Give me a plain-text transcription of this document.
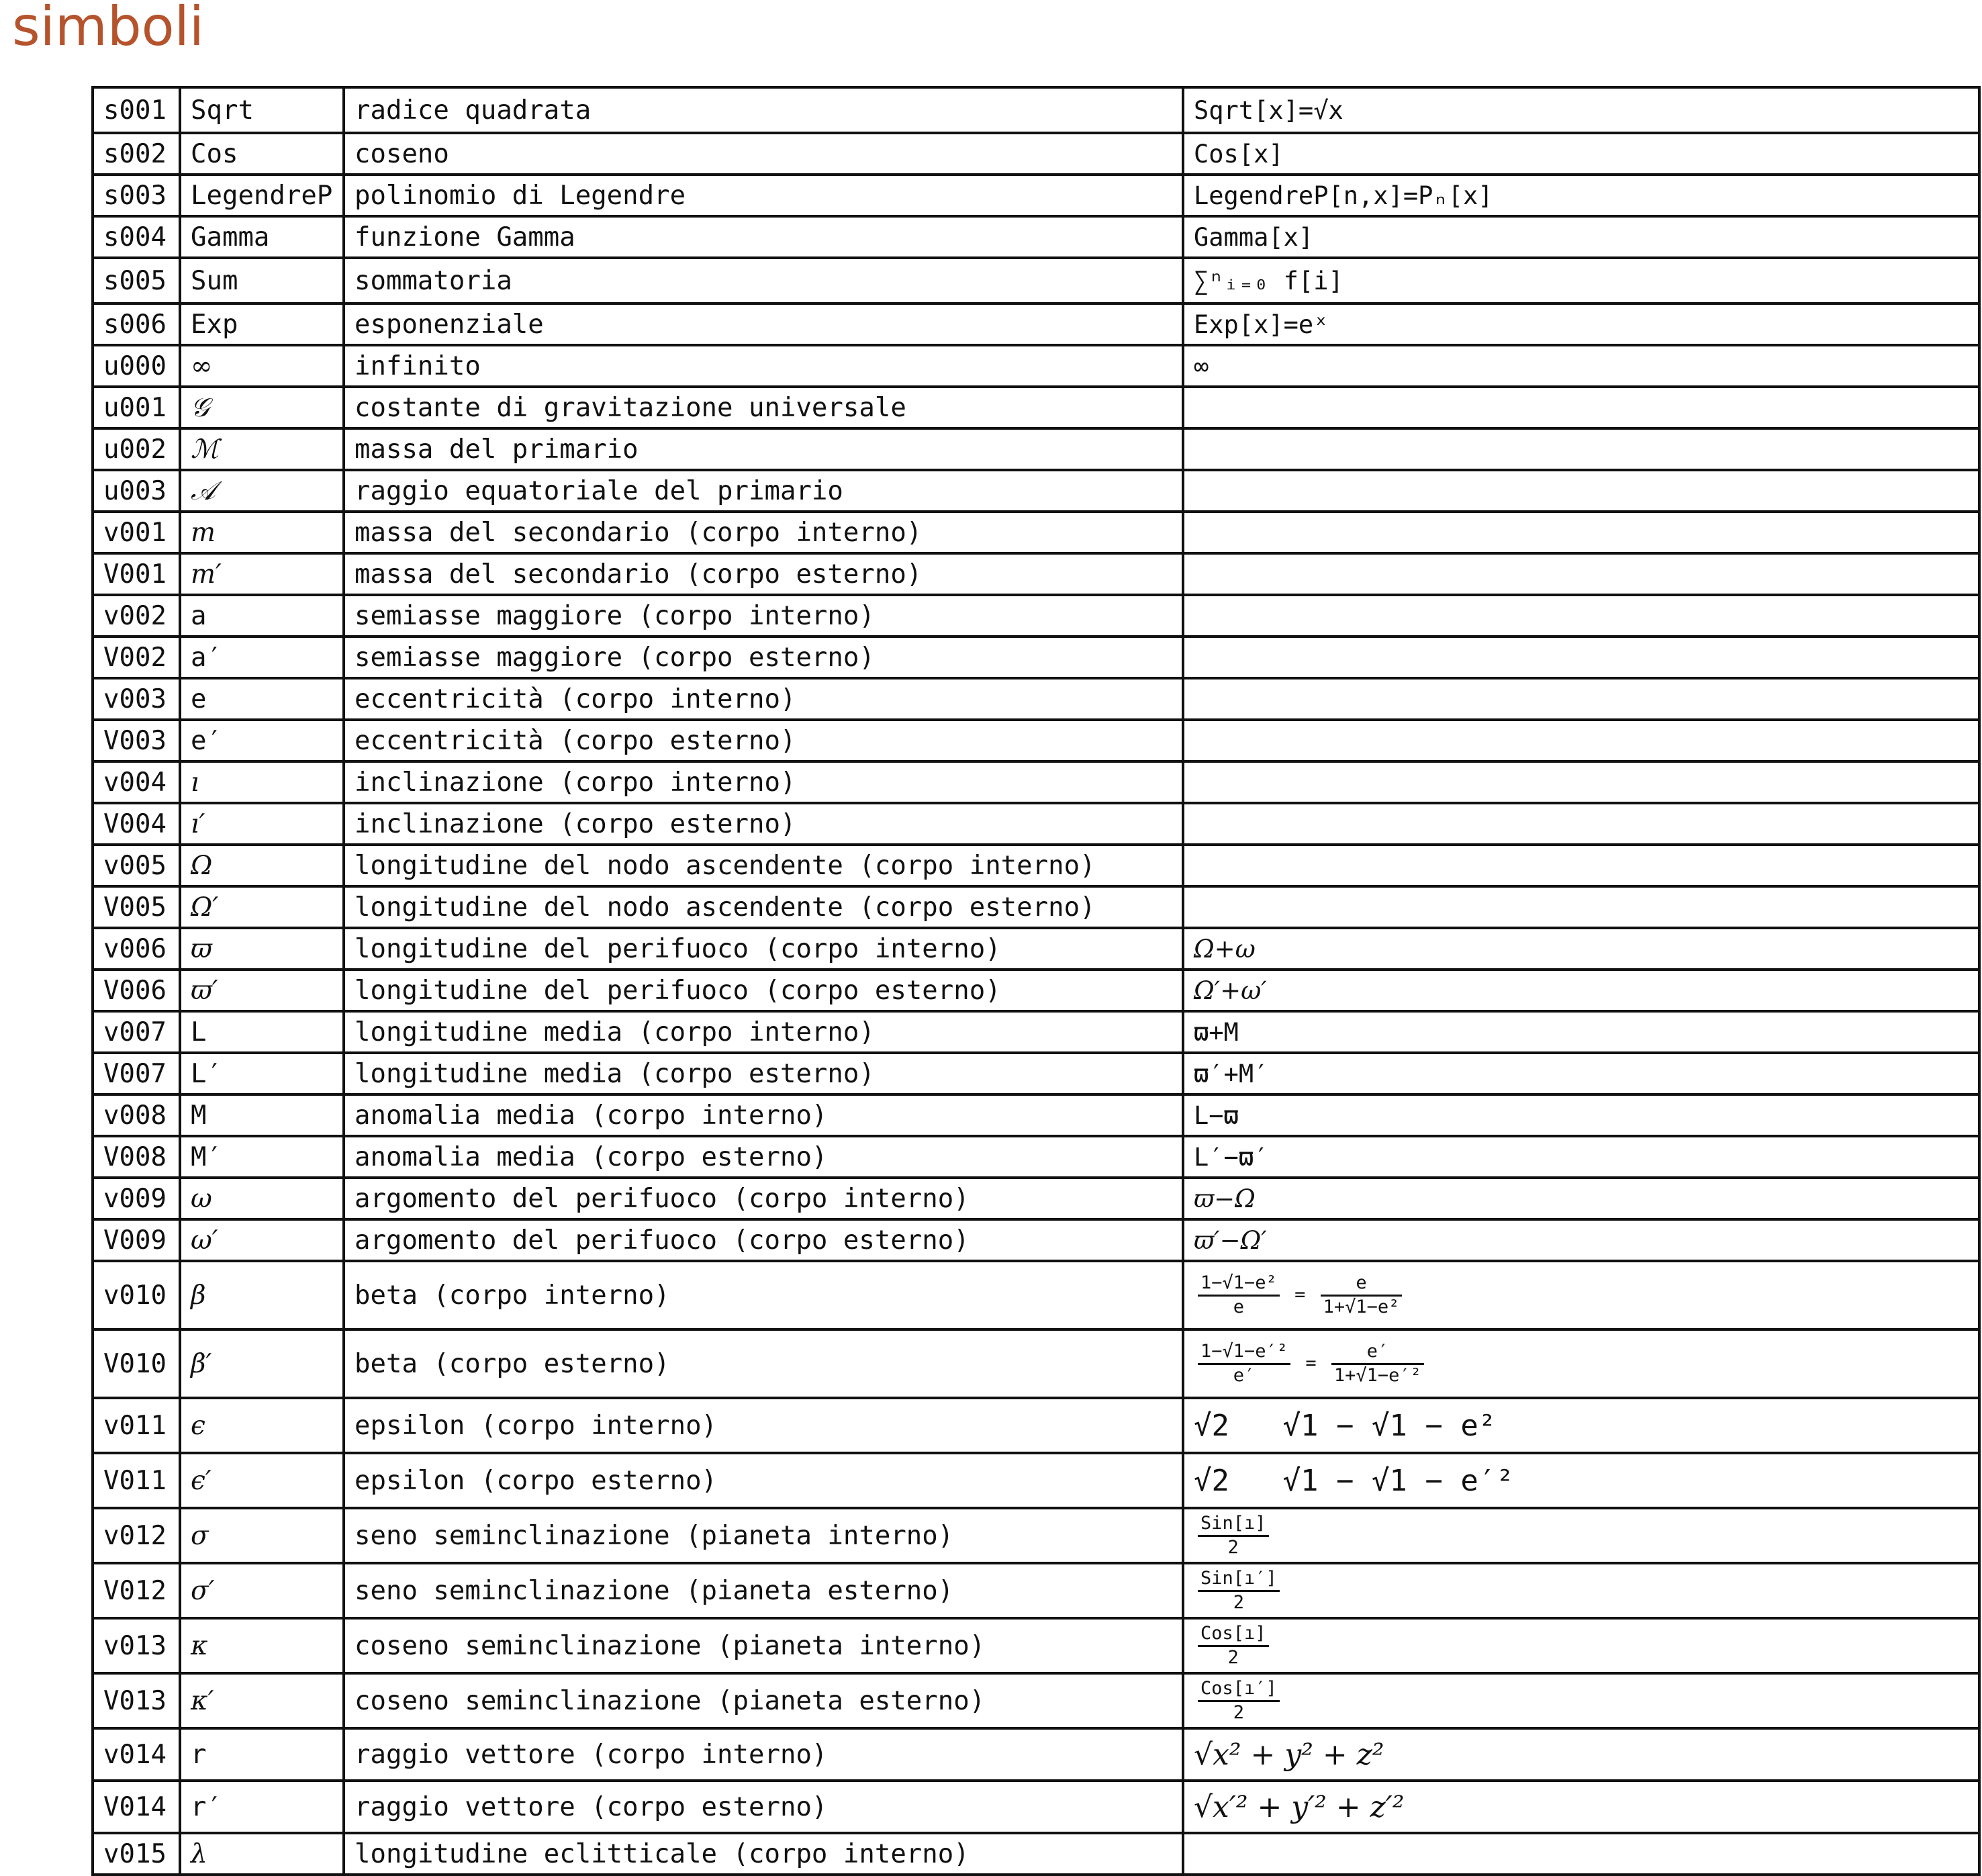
simboli
s001	Sqrt	radice quadrata	Sqrt[x]=√x
s002	Cos	coseno	Cos[x]
s003	LegendreP	polinomio di Legendre	LegendreP[n,x]=Pₙ[x]
s004	Gamma	funzione Gamma	Gamma[x]
s005	Sum	sommatoria	∑ⁿᵢ₌₀ f[i]
s006	Exp	esponenziale	Exp[x]=eˣ
u000	∞	infinito	∞
u001	𝒢	costante di gravitazione universale	
u002	ℳ	massa del primario	
u003	𝒜	raggio equatoriale del primario	
v001	m	massa del secondario (corpo interno)	
V001	m′	massa del secondario (corpo esterno)	
v002	a	semiasse maggiore (corpo interno)	
V002	a′	semiasse maggiore (corpo esterno)	
v003	e	eccentricità (corpo interno)	
V003	e′	eccentricità (corpo esterno)	
v004	ı	inclinazione (corpo interno)	
V004	ı′	inclinazione (corpo esterno)	
v005	Ω	longitudine del nodo ascendente (corpo interno)	
V005	Ω′	longitudine del nodo ascendente (corpo esterno)	
v006	ϖ	longitudine del perifuoco (corpo interno)	Ω+ω
V006	ϖ′	longitudine del perifuoco (corpo esterno)	Ω′+ω′
v007	L	longitudine media (corpo interno)	ϖ+M
V007	L′	longitudine media (corpo esterno)	ϖ′+M′
v008	M	anomalia media (corpo interno)	L−ϖ
V008	M′	anomalia media (corpo esterno)	L′−ϖ′
v009	ω	argomento del perifuoco (corpo interno)	ϖ−Ω
V009	ω′	argomento del perifuoco (corpo esterno)	ϖ′−Ω′
v010	β	beta (corpo interno)	$\frac{\text{1−√1−e²}}{e} = \frac{e}{\text{1+√1−e²}}$

V010	β′	beta (corpo esterno)	$\frac{\text{1−√1−e′²}}{e'} = \frac{e'}{\text{1+√1−e′²}}$

v011	ϵ	epsilon (corpo interno)	√2 √1 − √1 − e²
V011	ϵ′	epsilon (corpo esterno)	√2 √1 − √1 − e′²
v012	σ	seno seminclinazione (pianeta interno)	$\frac{\text{Sin[ı]}}{2}$

V012	σ′	seno seminclinazione (pianeta esterno)	$\frac{\text{Sin[ı′]}}{2}$

v013	κ	coseno seminclinazione (pianeta interno)	$\frac{\text{Cos[ı]}}{2}$

V013	κ′	coseno seminclinazione (pianeta esterno)	$\frac{\text{Cos[ı′]}}{2}$

v014	r	raggio vettore (corpo interno)	√x² + y² + z²
V014	r′	raggio vettore (corpo esterno)	√x′² + y′² + z′²
v015	λ	longitudine eclitticale (corpo interno)	
